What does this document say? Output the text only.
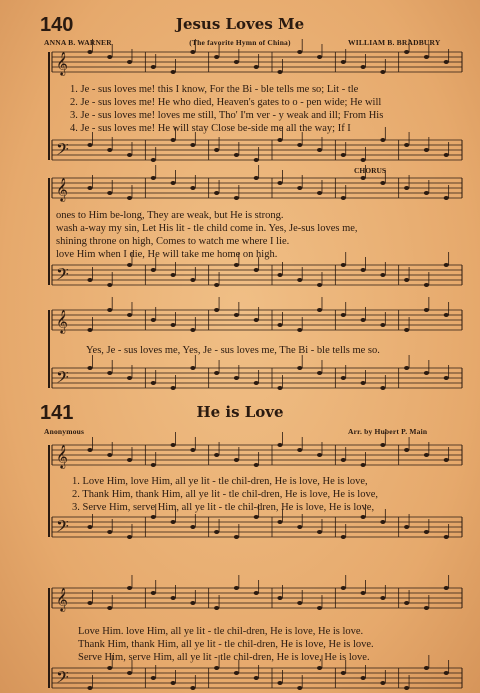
𝄞
𝄢
𝄞
𝄢
𝄞
𝄢
𝄞
𝄢
𝄞
𝄢
140	Jesus Loves Me
ANNA B. WARNER	(The favorite Hymn of China)	WILLIAM B. BRADBURY
1. Je - sus loves me! this I know, For the Bi - ble tells me so; Lit - tle
2. Je - sus loves me! He who died, Heaven's gates to o - pen wide; He will
3. Je - sus loves me! loves me still, Tho' I'm ver - y weak and ill; From His
4. Je - sus loves me! He will stay Close be-side me all the way; If I
CHORUS
ones to Him be-long, They are weak, but He is strong.
wash a-way my sin, Let His lit - tle child come in. Yes, Je-sus loves me,
shining throne on high, Comes to watch me where I lie.
love Him when I die, He will take me home on high.
Yes, Je - sus loves me, Yes, Je - sus loves me, The Bi - ble tells me so.
141	He is Love
Anonymous	Arr. by Hubert P. Main
1. Love Him, love Him, all ye lit - tle chil-dren, He is love, He is love,
2. Thank Him, thank Him, all ye lit - tle chil-dren, He is love, He is love,
3. Serve Him, serve Him, all ye lit - tle chil-dren, He is love, He is love,
Love Him. love Him, all ye lit - tle chil-dren, He is love, He is love.
Thank Him, thank Him, all ye lit - tle chil-dren, He is love, He is love.
Serve Him, serve Him, all ye lit - tle chil-dren, He is love, He is love.
